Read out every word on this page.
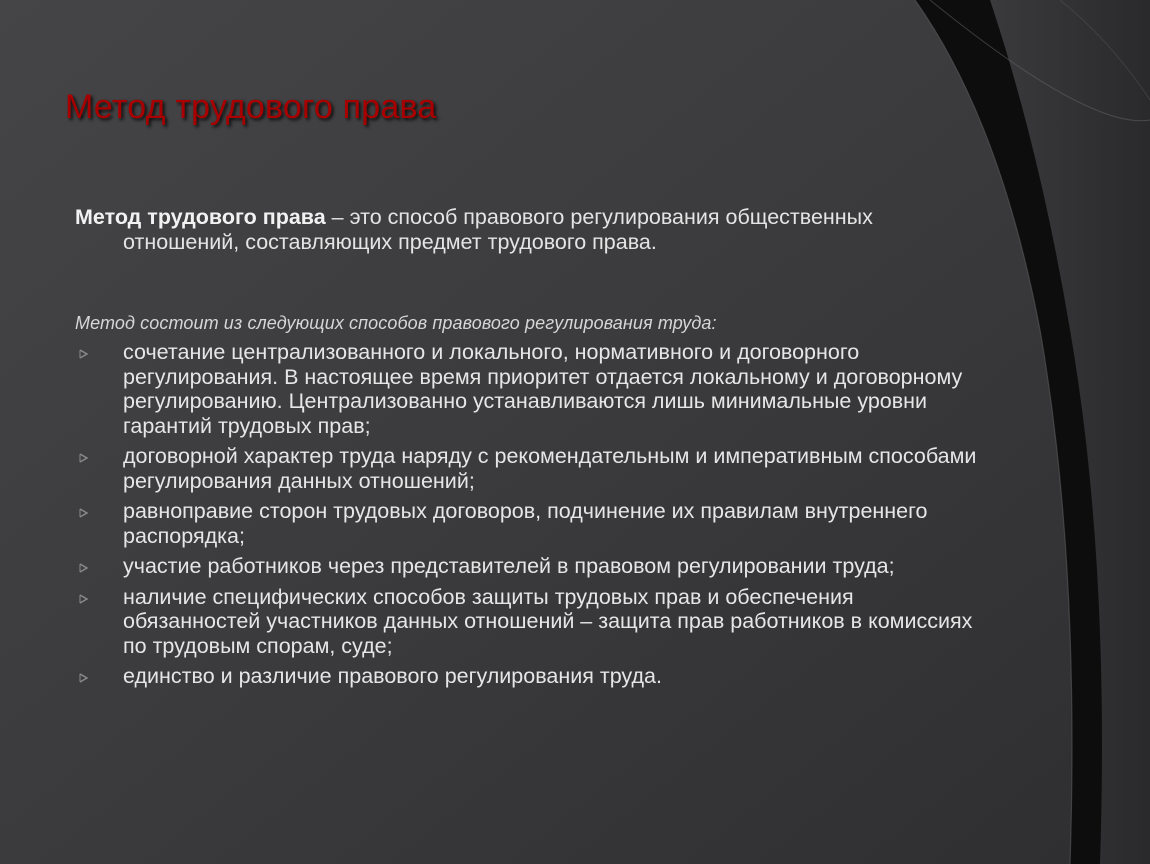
Метод трудового права
Метод трудового права – это способ правового регулирования общественных отношений, составляющих предмет трудового права.
Метод состоит из следующих способов правового регулирования труда:
сочетание централизованного и локального, нормативного и договорного регулирования. В настоящее время приоритет отдается локальному и договорному регулированию. Централизованно устанавливаются лишь минимальные уровни гарантий трудовых прав;
договорной характер труда наряду с рекомендательным и императивным способами регулирования данных отношений;
равноправие сторон трудовых договоров, подчинение их правилам внутреннего распорядка;
участие работников через представителей в правовом регулировании труда;
наличие специфических способов защиты трудовых прав и обеспечения обязанностей участников данных отношений – защита прав работников в комиссиях по трудовым спорам, суде;
единство и различие правового регулирования труда.
